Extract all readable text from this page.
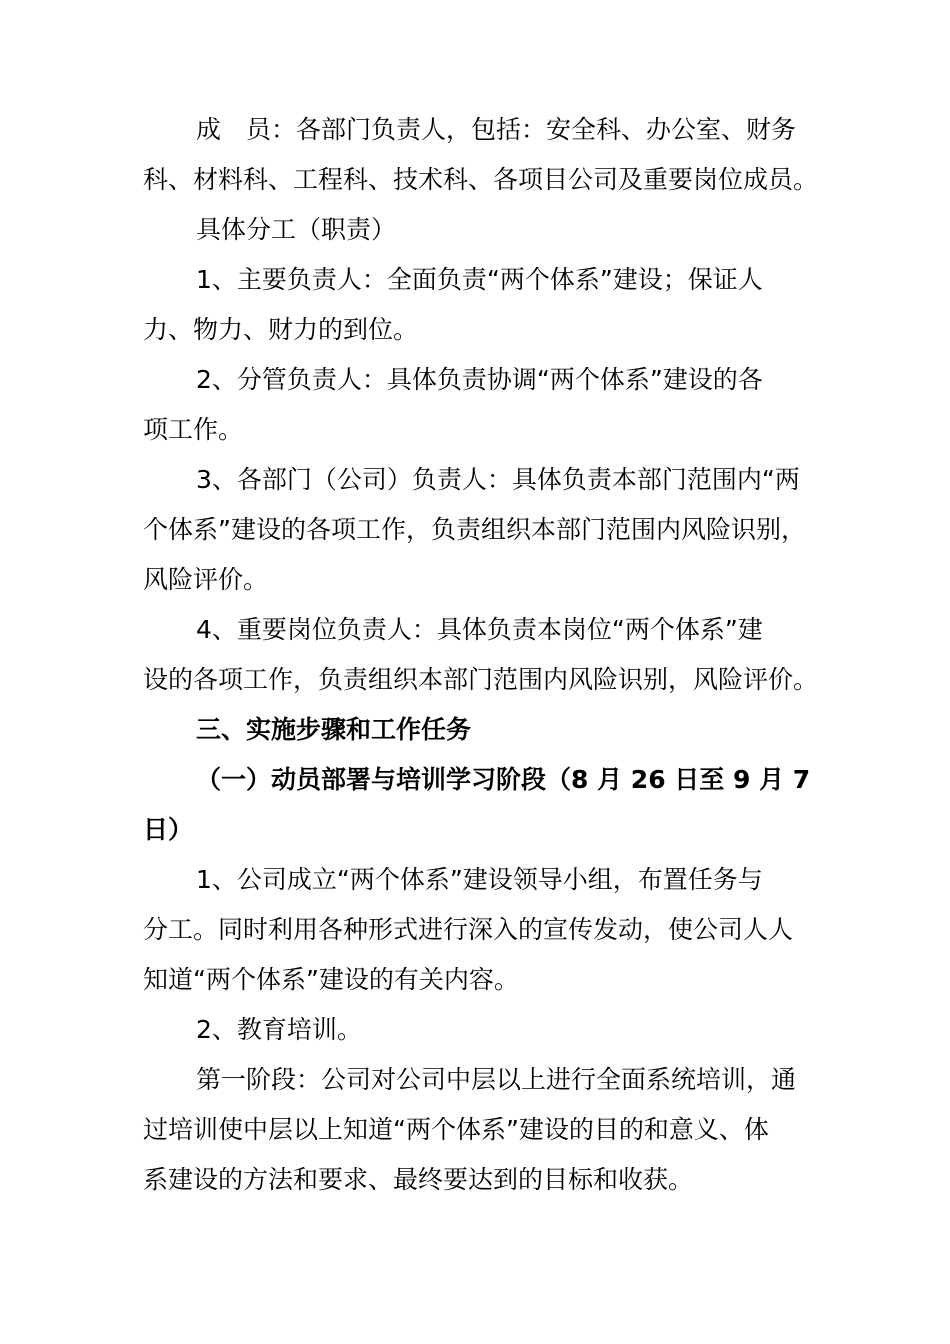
成　员：各部门负责人，包括：安全科、办公室、财务
科、材料科、工程科、技术科、各项目公司及重要岗位成员。
具体分工（职责）
1、主要负责人：全面负责“两个体系”建设；保证人
力、物力、财力的到位。
2、分管负责人：具体负责协调“两个体系”建设的各
项工作。
3、各部门（公司）负责人：具体负责本部门范围内“两
个体系”建设的各项工作，负责组织本部门范围内风险识别，
风险评价。
4、重要岗位负责人：具体负责本岗位“两个体系”建
设的各项工作，负责组织本部门范围内风险识别，风险评价。
三、实施步骤和工作任务
（一）动员部署与培训学习阶段（8 月 26 日至 9 月 7
日）
1、公司成立“两个体系”建设领导小组，布置任务与
分工。同时利用各种形式进行深入的宣传发动，使公司人人
知道“两个体系”建设的有关内容。
2、教育培训。
第一阶段：公司对公司中层以上进行全面系统培训，通
过培训使中层以上知道“两个体系”建设的目的和意义、体
系建设的方法和要求、最终要达到的目标和收获。
